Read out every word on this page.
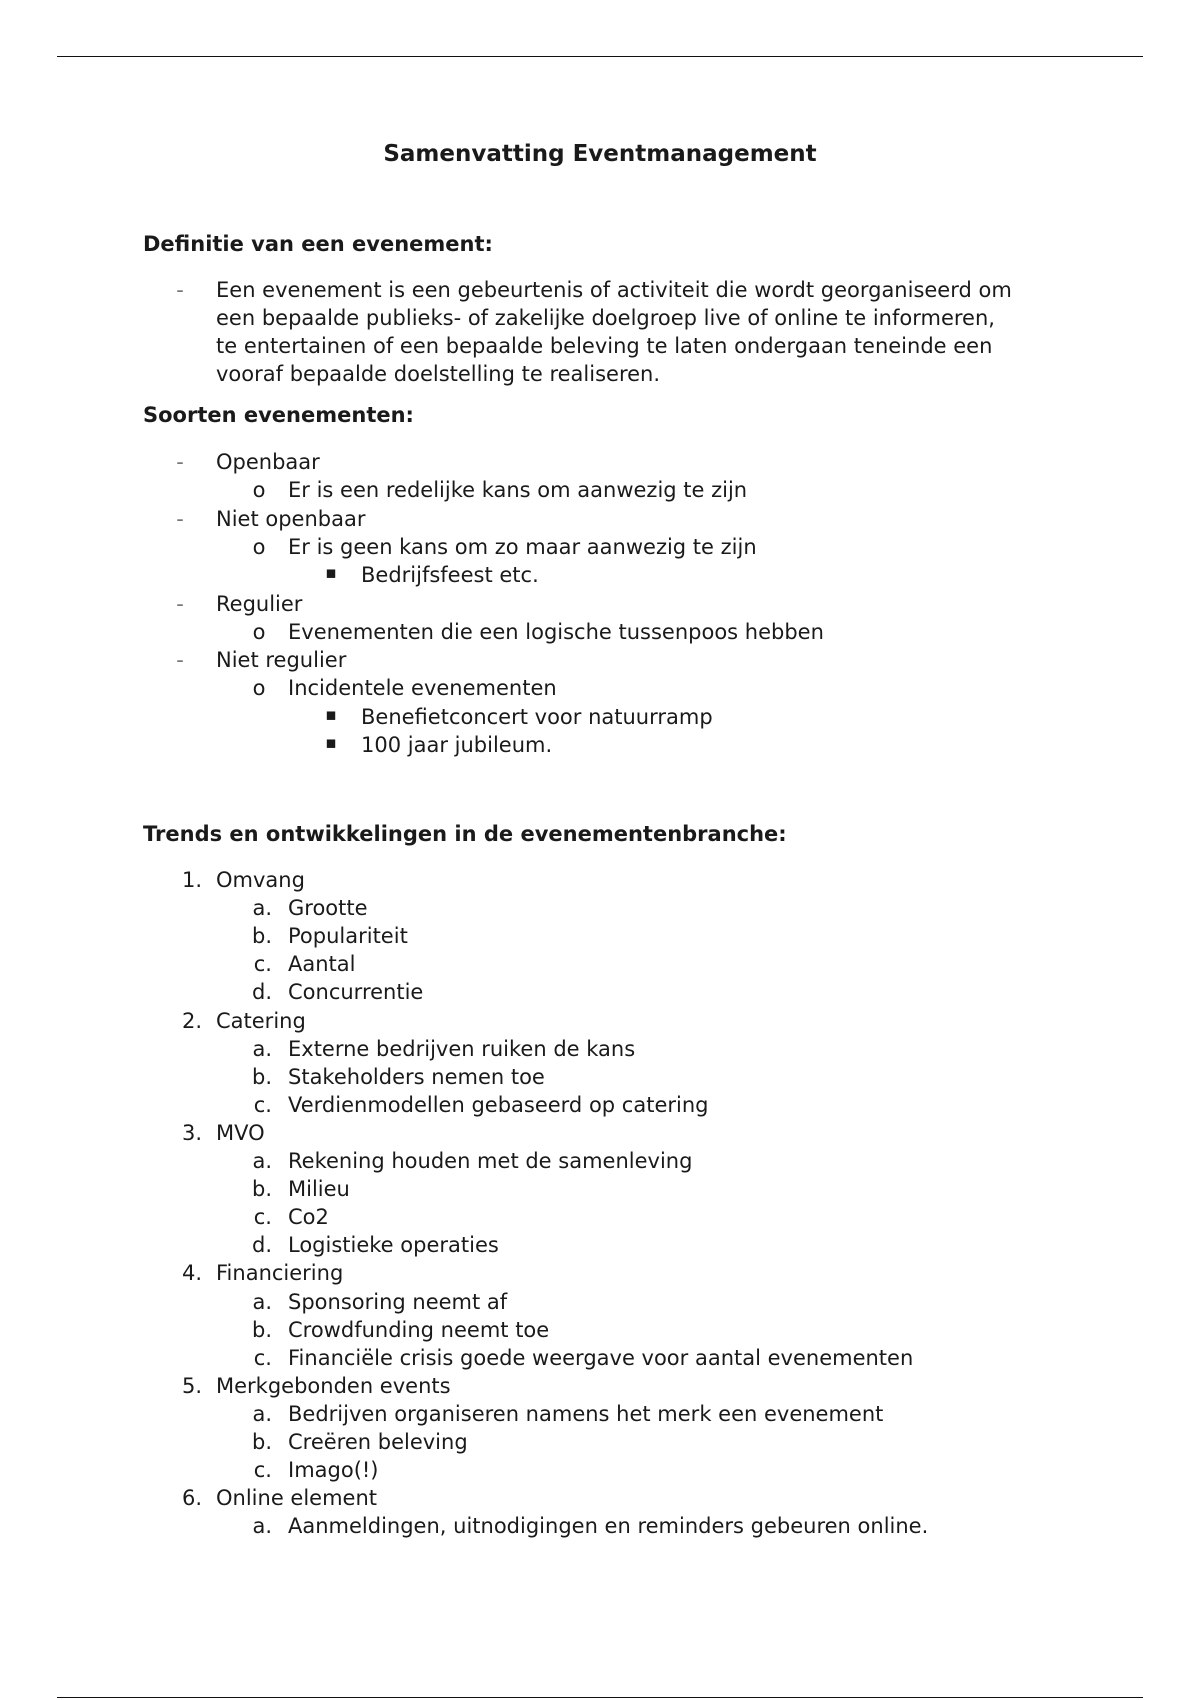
Samenvatting Eventmanagement
Definitie van een evenement:
- Een evenement is een gebeurtenis of activiteit die wordt georganiseerd om
een bepaalde publieks- of zakelijke doelgroep live of online te informeren,
te entertainen of een bepaalde beleving te laten ondergaan teneinde een
vooraf bepaalde doelstelling te realiseren.
Soorten evenementen:
- Openbaar
o Er is een redelijke kans om aanwezig te zijn
- Niet openbaar
o Er is geen kans om zo maar aanwezig te zijn
▪ Bedrijfsfeest etc.
- Regulier
o Evenementen die een logische tussenpoos hebben
- Niet regulier
o Incidentele evenementen
▪ Benefietconcert voor natuurramp
▪ 100 jaar jubileum.
Trends en ontwikkelingen in de evenementenbranche:
1. Omvang
a. Grootte
b. Populariteit
c. Aantal
d. Concurrentie
2. Catering
a. Externe bedrijven ruiken de kans
b. Stakeholders nemen toe
c. Verdienmodellen gebaseerd op catering
3. MVO
a. Rekening houden met de samenleving
b. Milieu
c. Co2
d. Logistieke operaties
4. Financiering
a. Sponsoring neemt af
b. Crowdfunding neemt toe
c. Financiële crisis goede weergave voor aantal evenementen
5. Merkgebonden events
a. Bedrijven organiseren namens het merk een evenement
b. Creëren beleving
c. Imago(!)
6. Online element
a. Aanmeldingen, uitnodigingen en reminders gebeuren online.
